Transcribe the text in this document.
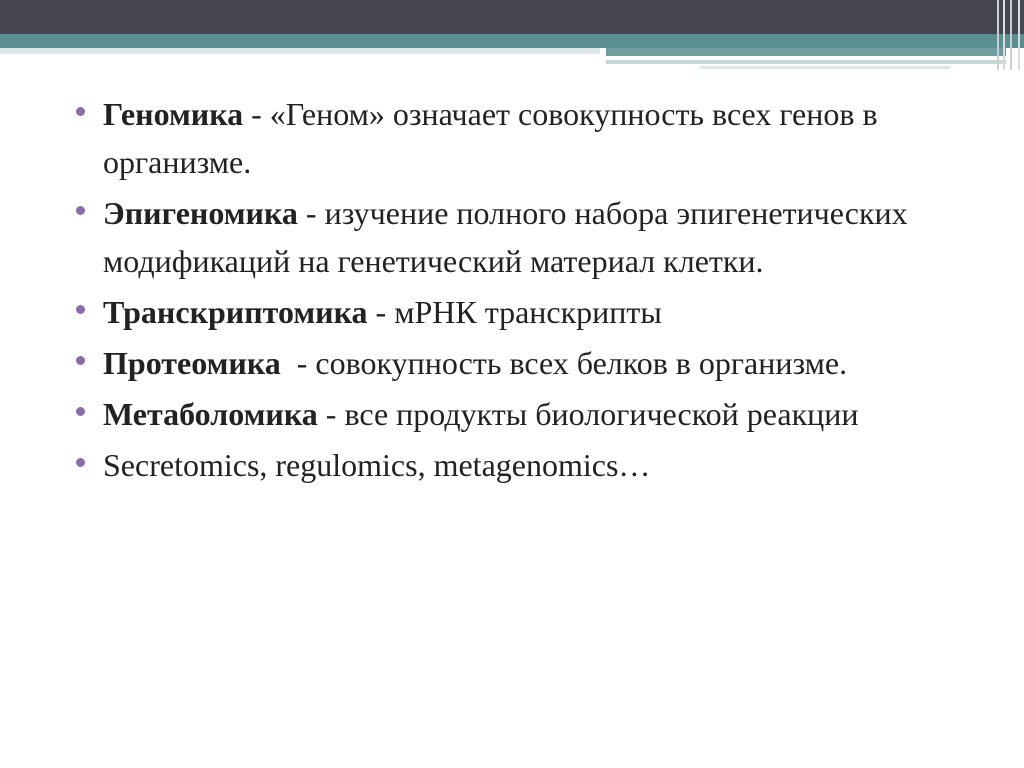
Геномика - «Геном» означает совокупность всех генов в организме.
Эпигеномика - изучение полного набора эпигенетических модификаций на генетический материал клетки.
Транскриптомика - мРНК транскрипты
Протеомика  - совокупность всех белков в организме.
Метаболомика - все продукты биологической реакции
Secretomics, regulomics, metagenomics…
